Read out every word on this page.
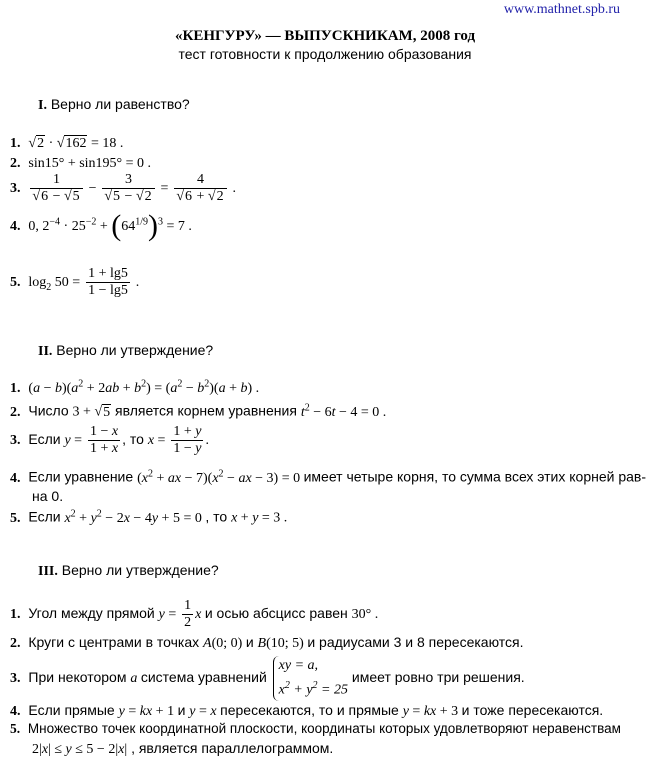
www.mathnet.spb.ru
«КЕНГУРУ» — ВЫПУСКНИКАМ, 2008 год
тест готовности к продолжению образования
I. Верно ли равенство?
1. √2 · √162 = 18 .
2. sin15° + sin195° = 0 .
3. $\frac{1}{√6 - √5} - \frac{3}{√5 - √2} = \frac{4}{√6 + √2}$ .
4. 0, $2^{-4} \cdot 25^{-2} + (64^{1/9})^3 = 7$ .
5. $\log_2 50 = \frac{1 + \lg 5}{1 - \lg 5}$ .
II. Верно ли утверждение?
1. $(a - b)(a^2 + 2ab + b^2) = (a^2 - b^2)(a + b)$ .
2. Число 3 + √5 является корнем уравнения $t^2 - 6t - 4 = 0$ .
3. Если $y = \frac{1 - x}{1 + x}$ , то $x = \frac{1 + y}{1 - y}$ .
4. Если уравнение ($x^2$ + ax − $7)(x^2$ − ax − 3) = 0 имеет четыре корня, то сумма всех этих корней рав-
на 0.
5. Если $x^2 + y^2 - 2x - 4y + 5 = 0$ , то x + y = 3 .
III. Верно ли утверждение?
1. Угол между прямой $y = \frac{1}{2}$ x и осью абсцисс равен 30° .
2. Круги с центрами в точках A(0; 0) и B(10; 5) и радиусами 3 и 8 пересекаются.
3. При некотором a система уравнений xy = a,
$x^2 + y^2 = 25$ имеет ровно три решения.
4. Если прямые y = kx + 1 и y = x пересекаются, то и прямые y = kx + 3 и тоже пересекаются.
5. Множество точек координатной плоскости, координаты которых удовлетворяют неравенствам
2|x| ≤ y ≤ 5 − 2|x| , является параллелограммом.
